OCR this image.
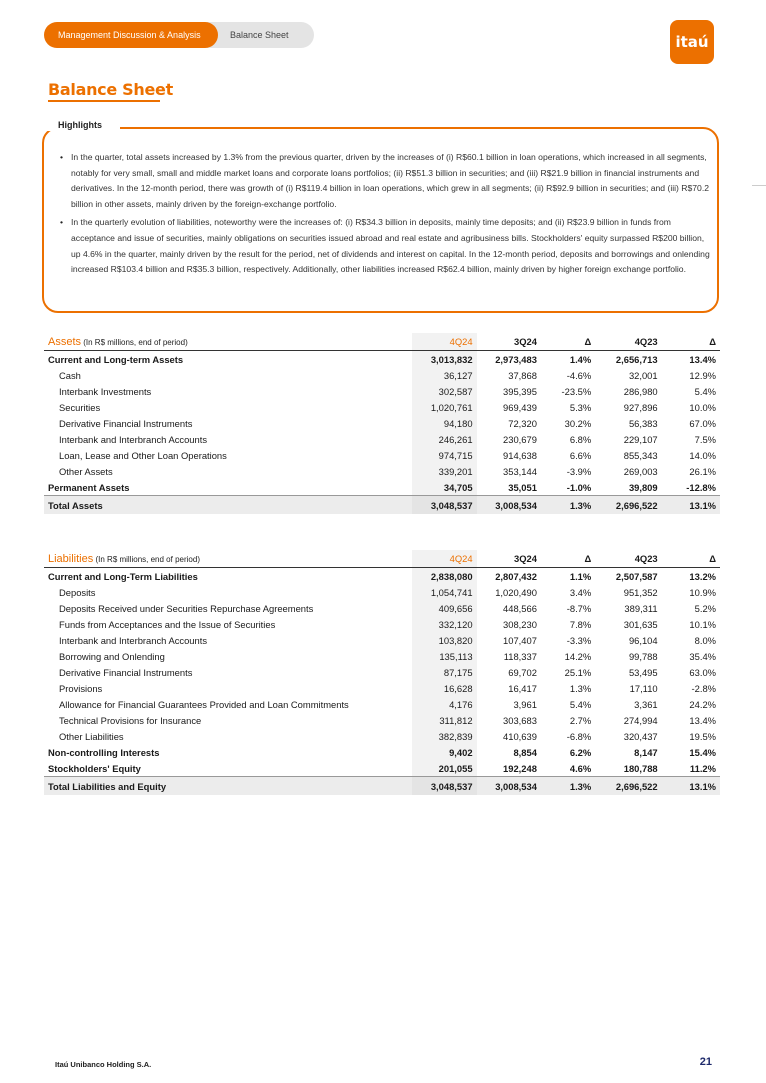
Balance Sheet
Management Discussion & Analysis	itaú
Balance Sheet
Highlights
• In the quarter, total assets increased by 1.3% from the previous quarter, driven by the increases of (i) R$60.1 billion in loan operations, which increased in all segments, notably for very small, small and middle market loans and corporate loans portfolios; (ii) R$51.3 billion in securities; and (iii) R$21.9 billion in financial instruments and derivatives. In the 12-month period, there was growth of (i) R$119.4 billion in loan operations, which grew in all segments; (ii) R$92.9 billion in securities; and (iii) R$70.2 billion in other assets, mainly driven by the foreign-exchange portfolio.
• In the quarterly evolution of liabilities, noteworthy were the increases of: (i) R$34.3 billion in deposits, mainly time deposits; and (ii) R$23.9 billion in funds from acceptance and issue of securities, mainly obligations on securities issued abroad and real estate and agribusiness bills. Stockholders' equity surpassed R$200 billion, up 4.6% in the quarter, mainly driven by the result for the period, net of dividends and interest on capital. In the 12-month period, deposits and borrowings and onlending increased R$103.4 billion and R$35.3 billion, respectively. Additionally, other liabilities increased R$62.4 billion, mainly driven by higher foreign exchange portfolio.
Assets (In R$ millions, end of period)	4Q24	3Q24	Δ	4Q23	Δ
Current and Long-term Assets	3,013,832	2,973,483	1.4%	2,656,713	13.4%
Cash	36,127	37,868	-4.6%	32,001	12.9%
Interbank Investments	302,587	395,395	-23.5%	286,980	5.4%
Securities	1,020,761	969,439	5.3%	927,896	10.0%
Derivative Financial Instruments	94,180	72,320	30.2%	56,383	67.0%
Interbank and Interbranch Accounts	246,261	230,679	6.8%	229,107	7.5%
Loan, Lease and Other Loan Operations	974,715	914,638	6.6%	855,343	14.0%
Other Assets	339,201	353,144	-3.9%	269,003	26.1%
Permanent Assets	34,705	35,051	-1.0%	39,809	-12.8%
Total Assets	3,048,537	3,008,534	1.3%	2,696,522	13.1%
Liabilities (In R$ millions, end of period)	4Q24	3Q24	Δ	4Q23	Δ
Current and Long-Term Liabilities	2,838,080	2,807,432	1.1%	2,507,587	13.2%
Deposits	1,054,741	1,020,490	3.4%	951,352	10.9%
Deposits Received under Securities Repurchase Agreements	409,656	448,566	-8.7%	389,311	5.2%
Funds from Acceptances and the Issue of Securities	332,120	308,230	7.8%	301,635	10.1%
Interbank and Interbranch Accounts	103,820	107,407	-3.3%	96,104	8.0%
Borrowing and Onlending	135,113	118,337	14.2%	99,788	35.4%
Derivative Financial Instruments	87,175	69,702	25.1%	53,495	63.0%
Provisions	16,628	16,417	1.3%	17,110	-2.8%
Allowance for Financial Guarantees Provided and Loan Commitments	4,176	3,961	5.4%	3,361	24.2%
Technical Provisions for Insurance	311,812	303,683	2.7%	274,994	13.4%
Other Liabilities	382,839	410,639	-6.8%	320,437	19.5%
Non-controlling Interests	9,402	8,854	6.2%	8,147	15.4%
Stockholders' Equity	201,055	192,248	4.6%	180,788	11.2%
Total Liabilities and Equity	3,048,537	3,008,534	1.3%	2,696,522	13.1%
Itaú Unibanco Holding S.A.	21
